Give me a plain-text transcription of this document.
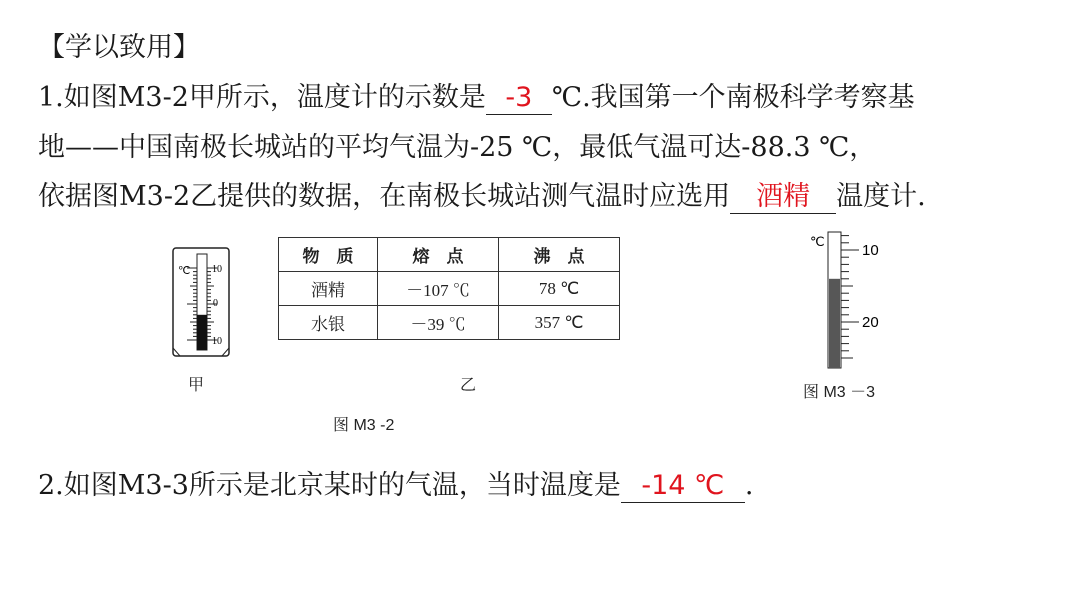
【学以致用】
1.如图M3-2甲所示，温度计的示数是 -3 ℃.我国第一个南极科学考察基
地——中国南极长城站的平均气温为-25 ℃，最低气温可达-88.3 ℃，
依据图M3-2乙提供的数据，在南极长城站测气温时应选用 酒精 温度计.
℃ 10
0
10
甲
物　质	熔　点	沸　点
酒精	－107 ℃	78 ℃
水银	－39 ℃	357 ℃
乙
图 M3 -2
℃
10
20
图 M3 －3
2.如图M3-3所示是北京某时的气温，当时温度是 -14 ℃ .
